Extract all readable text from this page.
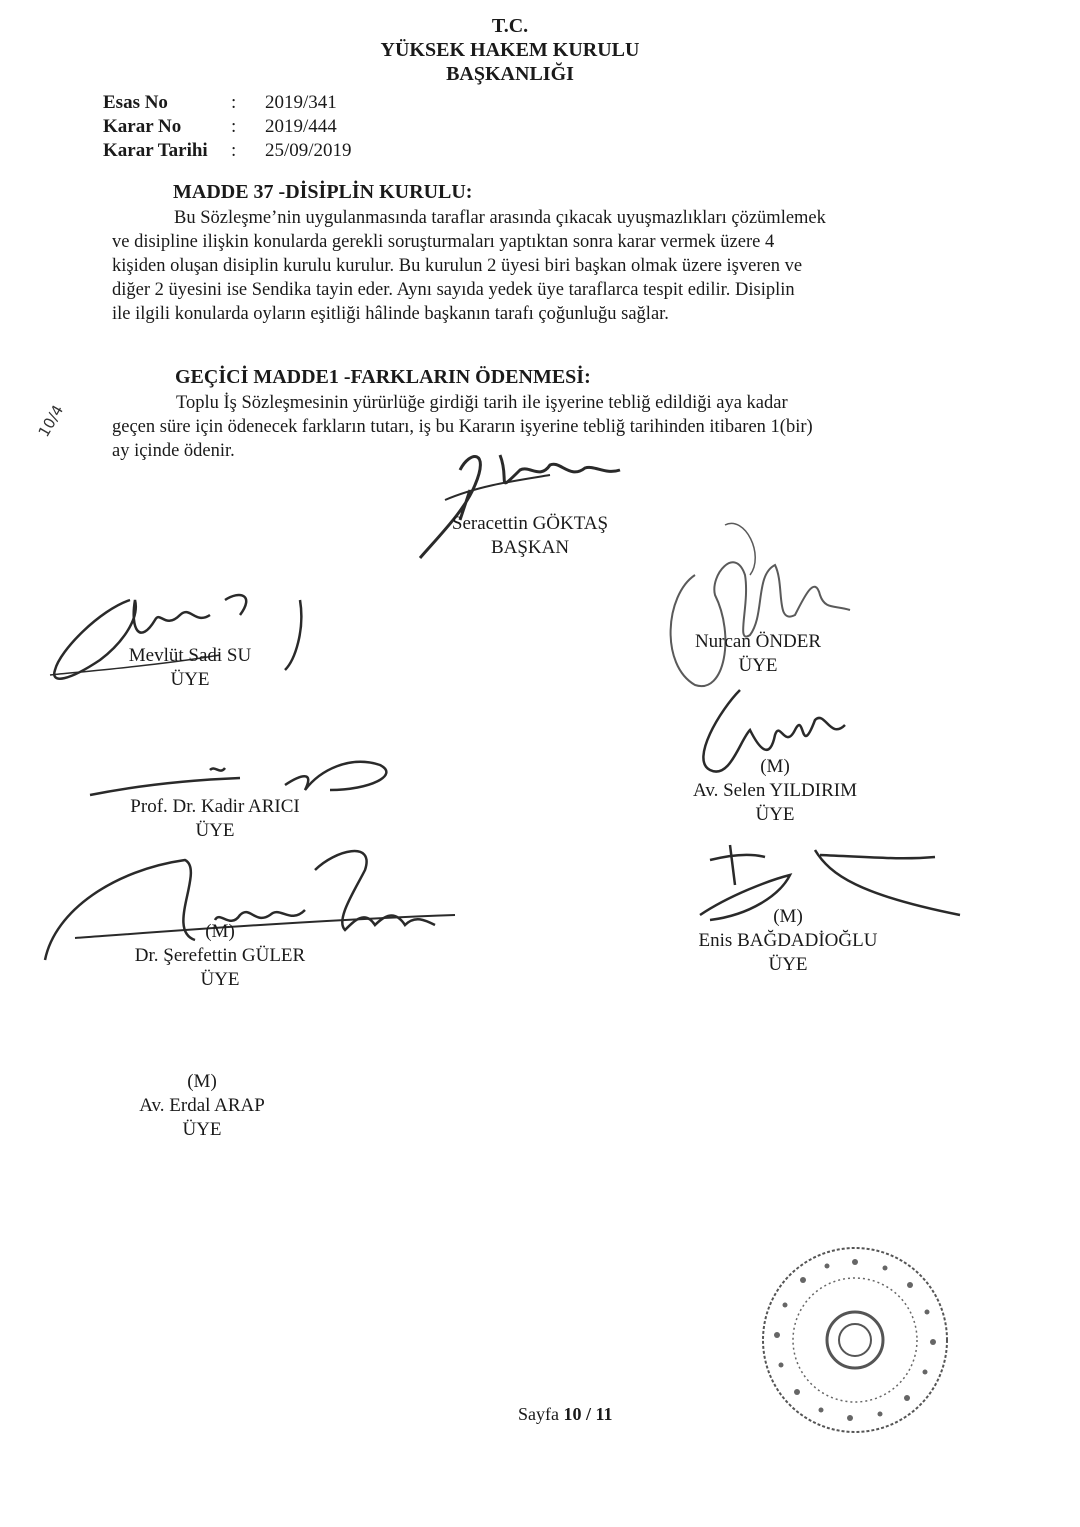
T.C.
YÜKSEK HAKEM KURULU
BAŞKANLIĞI
Esas No	: 2019/341
Karar No	: 2019/444
Karar Tarihi : 25/09/2019
MADDE 37 -DİSİPLİN KURULU:
Bu Sözleşme’nin uygulanmasında taraflar arasında çıkacak uyuşmazlıkları çözümlemek
ve disipline ilişkin konularda gerekli soruşturmaları yaptıktan sonra karar vermek üzere 4
kişiden oluşan disiplin kurulu kurulur. Bu kurulun 2 üyesi biri başkan olmak üzere işveren ve
diğer 2 üyesini ise Sendika tayin eder. Aynı sayıda yedek üye taraflarca tespit edilir. Disiplin
ile ilgili konularda oyların eşitliği hâlinde başkanın tarafı çoğunluğu sağlar.
GEÇİCİ MADDE1 -FARKLARIN ÖDENMESİ:
Toplu İş Sözleşmesinin yürürlüğe girdiği tarih ile işyerine tebliğ edildiği aya kadar
geçen süre için ödenecek farkların tutarı, iş bu Kararın işyerine tebliğ tarihinden itibaren 1(bir)
ay içinde ödenir.
10/4
Seracettin GÖKTAŞ
BAŞKAN
Nurcan ÖNDER
ÜYE
Mevlüt Sadi SU
ÜYE
(M)
Av. Selen YILDIRIM
ÜYE
Prof. Dr. Kadir ARICI
ÜYE
(M)
Enis BAĞDADİOĞLU
ÜYE
(M)
Dr. Şerefettin GÜLER
ÜYE
(M)
Av. Erdal ARAP
ÜYE
Sayfa 10 / 11
